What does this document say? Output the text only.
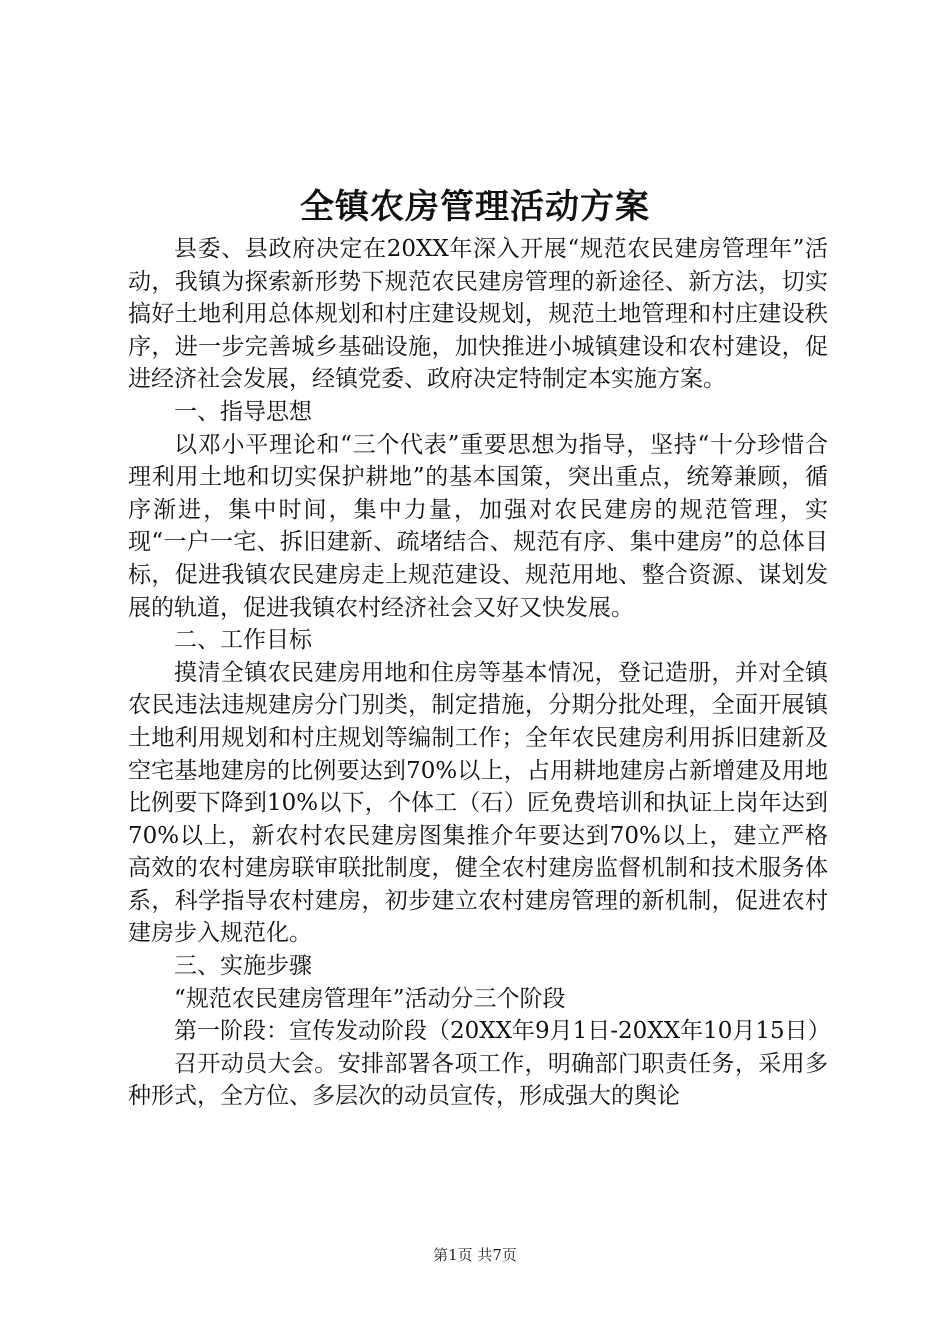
全镇农房管理活动方案

县委、县政府决定在20XX年深入开展“规范农民建房管理年”活动，我镇为探索新形势下规范农民建房管理的新途径、新方法，切实搞好土地利用总体规划和村庄建设规划，规范土地管理和村庄建设秩序，进一步完善城乡基础设施，加快推进小城镇建设和农村建设，促进经济社会发展，经镇党委、政府决定特制定本实施方案。

一、指导思想

以邓小平理论和“三个代表”重要思想为指导，坚持“十分珍惜合理利用土地和切实保护耕地”的基本国策，突出重点，统筹兼顾，循序渐进，集中时间，集中力量，加强对农民建房的规范管理，实现“一户一宅、拆旧建新、疏堵结合、规范有序、集中建房”的总体目标，促进我镇农民建房走上规范建设、规范用地、整合资源、谋划发展的轨道，促进我镇农村经济社会又好又快发展。

二、工作目标

摸清全镇农民建房用地和住房等基本情况，登记造册，并对全镇农民违法违规建房分门别类，制定措施，分期分批处理，全面开展镇土地利用规划和村庄规划等编制工作；全年农民建房利用拆旧建新及空宅基地建房的比例要达到70%以上，占用耕地建房占新增建及用地比例要下降到10%以下，个体工（石）匠免费培训和执证上岗年达到70%以上，新农村农民建房图集推介年要达到70%以上，建立严格高效的农村建房联审联批制度，健全农村建房监督机制和技术服务体系，科学指导农村建房，初步建立农村建房管理的新机制，促进农村建房步入规范化。

三、实施步骤

“规范农民建房管理年”活动分三个阶段

第一阶段：宣传发动阶段（20XX年9月1日-20XX年10月15日）

召开动员大会。安排部署各项工作，明确部门职责任务，采用多种形式，全方位、多层次的动员宣传，形成强大的舆论

第1页 共7页
